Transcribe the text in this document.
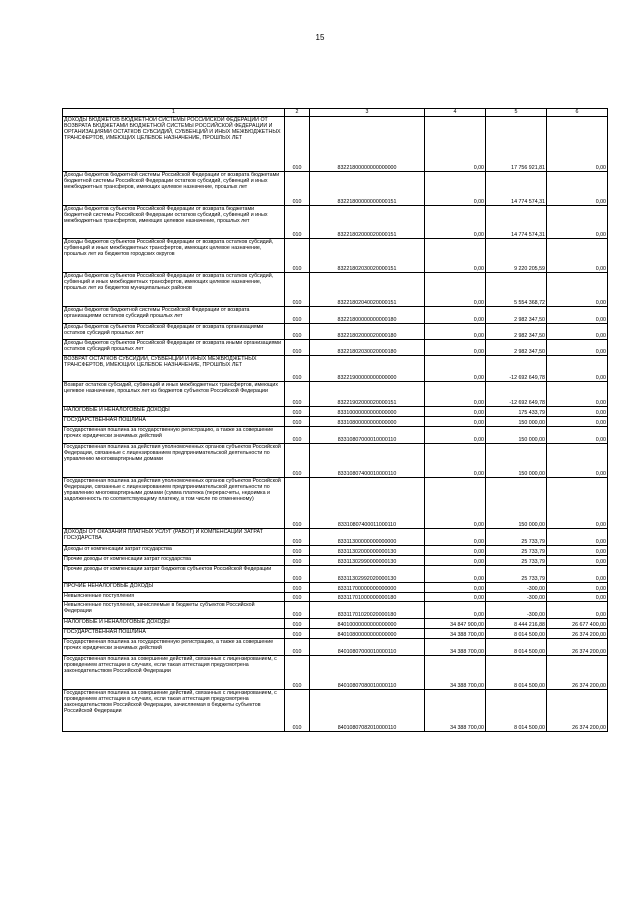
15
1	2	3	4	5	6
ДОХОДЫ БЮДЖЕТОВ БЮДЖЕТНОЙ СИСТЕМЫ РОССИЙСКОЙ ФЕДЕРАЦИИ ОТ ВОЗВРАТА БЮДЖЕТАМИ БЮДЖЕТНОЙ СИСТЕМЫ РОССИЙСКОЙ ФЕДЕРАЦИИ И ОРГАНИЗАЦИЯМИ ОСТАТКОВ СУБСИДИЙ, СУБВЕНЦИЙ И ИНЫХ МЕЖБЮДЖЕТНЫХ ТРАНСФЕРТОВ, ИМЕЮЩИХ ЦЕЛЕВОЕ НАЗНАЧЕНИЕ, ПРОШЛЫХ ЛЕТ	010	83221800000000000000	0,00	17 756 921,81	0,00
Доходы бюджетов бюджетной системы Российской Федерации от возврата бюджетами бюджетной системы Российской Федерации остатков субсидий, субвенций и иных межбюджетных трансферов, имеющих целевое назначение, прошлых лет	010	83221800000000000151	0,00	14 774 574,31	0,00
Доходы бюджетов субъектов Российской Федерации от возврата бюджетами бюджетной системы Российской Федерации остатков субсидий, субвенций и иных межбюджетных трансфертов, имеющих целевое назначение, прошлых лет	010	83221802000020000151	0,00	14 774 574,31	0,00
Доходы бюджетов субъектов Российской Федерации от возврата остатков субсидий, субвенций и иных межбюджетных трансфертов, имеющих целевое назначение, прошлых лет из бюджетов городских округов	010	83221802030020000151	0,00	9 220 205,59	0,00
Доходы бюджетов субъектов Российской Федерации от возврата остатков субсидий, субвенций и иных межбюджетных трансфертов, имеющих целевое назначение, прошлых лет из бюджетов муниципальных районов	010	83221802040020000151	0,00	5 554 368,72	0,00
Доходы бюджетов бюджетной системы Российской Федерации от возврата организациями остатков субсидий прошлых лет	010	83221800000000000180	0,00	2 982 347,50	0,00
Доходы бюджетов субъектов Российской Федерации от возврата организациями остатков субсидий прошлых лет	010	83221802000020000180	0,00	2 982 347,50	0,00
Доходы бюджетов субъектов Российской Федерации от возврата иными организациями остатков субсидий прошлых лет	010	83221802030020000180	0,00	2 982 347,50	0,00
ВОЗВРАТ ОСТАТКОВ СУБСИДИЙ, СУБВЕНЦИЙ И ИНЫХ МЕЖБЮДЖЕТНЫХ ТРАНСФЕРТОВ, ИМЕЮЩИХ ЦЕЛЕВОЕ НАЗНАЧЕНИЕ, ПРОШЛЫХ ЛЕТ	010	83221900000000000000	0,00	-12 692 649,78	0,00
Возврат остатков субсидий, субвенций и иных межбюджетных трансфертов, имеющих целевое назначение, прошлых лет из бюджетов субъектов Российской Федерации	010	83221902000020000151	0,00	-12 692 649,78	0,00
НАЛОГОВЫЕ И НЕНАЛОГОВЫЕ ДОХОДЫ	010	83310000000000000000	0,00	175 433,79	0,00
ГОСУДАРСТВЕННАЯ ПОШЛИНА	010	83310800000000000000	0,00	150 000,00	0,00
Государственная пошлина за государственную регистрацию, а также за совершение прочих юридически значимых действий	010	83310807000010000110	0,00	150 000,00	0,00
Государственная пошлина за действия уполномоченных органов субъектов Российской Федерации, связанные с лицензированием предпринимательской деятельности по управлению многоквартирными домами	010	83310807400010000110	0,00	150 000,00	0,00
Государственная пошлина за действия уполномоченных органов субъектов Российской Федерации, связанные с лицензированием предпринимательской деятельности по управлению многоквартирными домами (сумма платежа (перерасчеты, недоимка и задолженность по соответствующему платежу, в том числе по отмененному)	010	83310807400011000110	0,00	150 000,00	0,00
ДОХОДЫ ОТ ОКАЗАНИЯ ПЛАТНЫХ УСЛУГ (РАБОТ) И КОМПЕНСАЦИИ ЗАТРАТ ГОСУДАРСТВА	010	83311300000000000000	0,00	25 733,79	0,00
Доходы от компенсации затрат государства	010	83311302000000000130	0,00	25 733,79	0,00
Прочие доходы от компенсации затрат государства	010	83311302990000000130	0,00	25 733,79	0,00
Прочие доходы от компенсации затрат бюджетов субъектов Российской Федерации	010	83311302992020000130	0,00	25 733,79	0,00
ПРОЧИЕ НЕНАЛОГОВЫЕ ДОХОДЫ	010	83311700000000000000	0,00	-300,00	0,00
Невыясненные поступления	010	83311701000000000180	0,00	-300,00	0,00
Невыясненные поступления, зачисляемые в бюджеты субъектов Российской Федерации	010	83311701020020000180	0,00	-300,00	0,00
НАЛОГОВЫЕ И НЕНАЛОГОВЫЕ ДОХОДЫ	010	84010000000000000000	34 847 900,00	8 444 216,88	26 677 400,00
ГОСУДАРСТВЕННАЯ ПОШЛИНА	010	84010800000000000000	34 388 700,00	8 014 500,00	26 374 200,00
Государственная пошлина за государственную регистрацию, а также за совершение прочих юридически значимых действий	010	84010807000010000110	34 388 700,00	8 014 500,00	26 374 200,00
Государственная пошлина за совершение действий, связанных с лицензированием, с проведением аттестации в случаях, если такая аттестация предусмотрена законодательством Российской Федерации	010	84010807080010000110	34 388 700,00	8 014 500,00	26 374 200,00
Государственная пошлина за совершение действий, связанных с лицензированием, с проведением аттестации в случаях, если такая аттестация предусмотрена законодательством Российской Федерации, зачисляемая в бюджеты субъектов Российской Федерации	010	84010807082010000110	34 388 700,00	8 014 500,00	26 374 200,00
